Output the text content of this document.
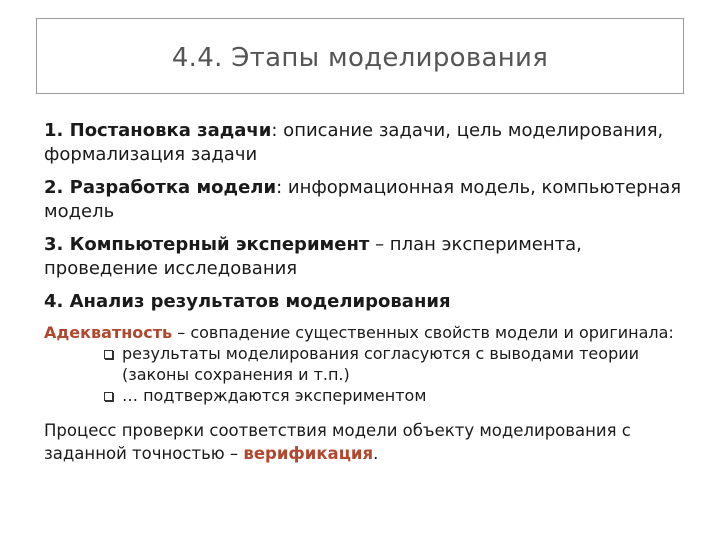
4.4. Этапы моделирования

1. Постановка задачи: описание задачи, цель моделирования, формализация задачи

2. Разработка модели: информационная модель, компьютерная модель

3. Компьютерный эксперимент – план эксперимента, проведение исследования

4. Анализ результатов моделирования

Адекватность – совпадение существенных свойств модели и оригинала:

результаты моделирования согласуются с выводами теории (законы сохранения и т.п.)
… подтверждаются экспериментом

Процесс проверки соответствия модели объекту моделирования с заданной точностью – верификация.
